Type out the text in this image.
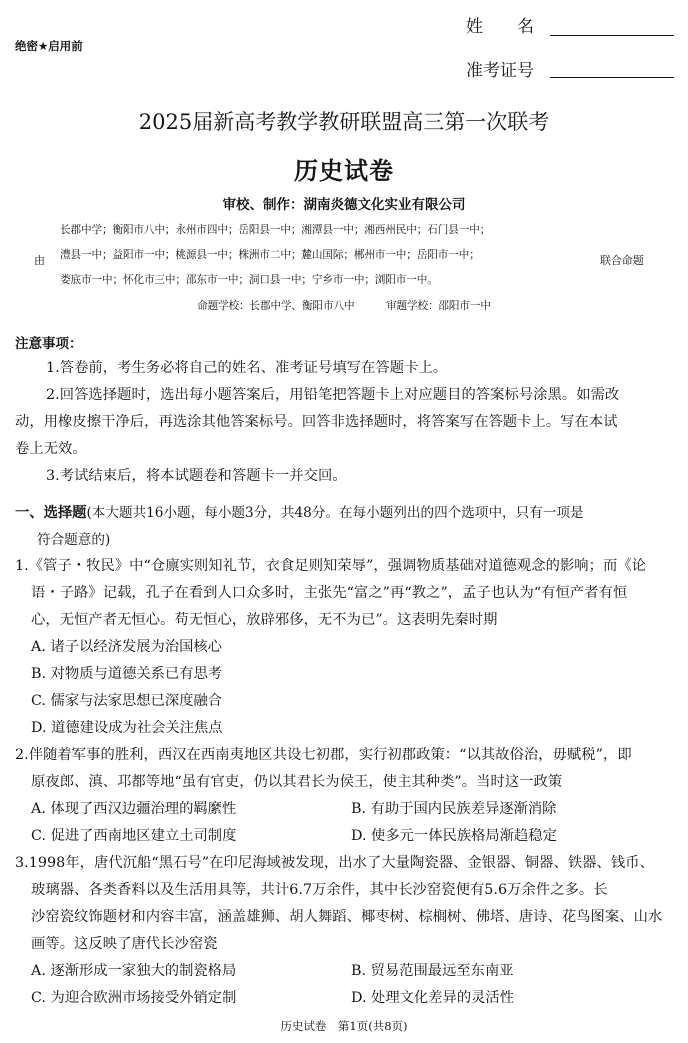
绝密★启用前
姓　　名
准考证号
2025届新高考教学教研联盟高三第一次联考
历史试卷
审校、制作：湖南炎德文化实业有限公司
由
长郡中学；衡阳市八中；永州市四中；岳阳县一中；湘潭县一中；湘西州民中；石门县一中；
澧县一中；益阳市一中；桃源县一中；株洲市二中；麓山国际；郴州市一中；岳阳市一中；
娄底市一中；怀化市三中；邵东市一中；洞口县一中；宁乡市一中；浏阳市一中。
联合命题
命题学校：长郡中学、衡阳市八中　　　审题学校：邵阳市一中
注意事项：
1.答卷前，考生务必将自己的姓名、准考证号填写在答题卡上。
2.回答选择题时，选出每小题答案后，用铅笔把答题卡上对应题目的答案标号涂黑。如需改
动，用橡皮擦干净后，再选涂其他答案标号。回答非选择题时，将答案写在答题卡上。写在本试
卷上无效。
3.考试结束后，将本试题卷和答题卡一并交回。
一、选择题(本大题共16小题，每小题3分，共48分。在每小题列出的四个选项中，只有一项是
符合题意的)
1.《管子・牧民》中“仓廪实则知礼节，衣食足则知荣辱”，强调物质基础对道德观念的影响；而《论
语・子路》记载，孔子在看到人口众多时，主张先“富之”再“教之”，孟子也认为“有恒产者有恒
心，无恒产者无恒心。苟无恒心，放辟邪侈，无不为已”。这表明先秦时期
A. 诸子以经济发展为治国核心
B. 对物质与道德关系已有思考
C. 儒家与法家思想已深度融合
D. 道德建设成为社会关注焦点
2.伴随着军事的胜利，西汉在西南夷地区共设七初郡，实行初郡政策：“以其故俗治，毋赋税”，即
原夜郎、滇、邛都等地“虽有官吏，仍以其君长为侯王，使主其种类”。当时这一政策
A. 体现了西汉边疆治理的羁縻性	B. 有助于国内民族差异逐渐消除
C. 促进了西南地区建立土司制度	D. 使多元一体民族格局渐趋稳定
3.1998年，唐代沉船“黑石号”在印尼海域被发现，出水了大量陶瓷器、金银器、铜器、铁器、钱币、
玻璃器、各类香料以及生活用具等，共计6.7万余件，其中长沙窑瓷便有5.6万余件之多。长
沙窑瓷纹饰题材和内容丰富，涵盖雄狮、胡人舞蹈、椰枣树、棕榈树、佛塔、唐诗、花鸟图案、山水
画等。这反映了唐代长沙窑瓷
A. 逐渐形成一家独大的制瓷格局	B. 贸易范围最远至东南亚
C. 为迎合欧洲市场接受外销定制	D. 处理文化差异的灵活性
历史试卷　第1页(共8页)
